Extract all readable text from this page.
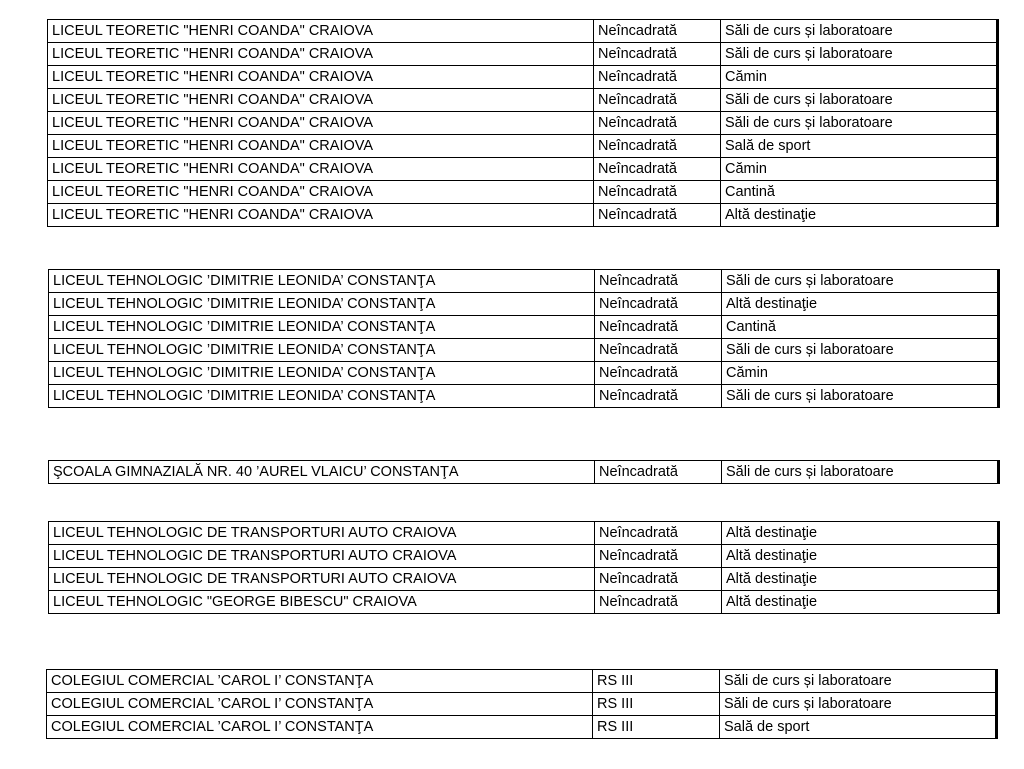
LICEUL TEORETIC "HENRI COANDA" CRAIOVA	Neîncadrată	Săli de curs și laboratoare
LICEUL TEORETIC "HENRI COANDA" CRAIOVA	Neîncadrată	Săli de curs și laboratoare
LICEUL TEORETIC "HENRI COANDA" CRAIOVA	Neîncadrată	Cămin
LICEUL TEORETIC "HENRI COANDA" CRAIOVA	Neîncadrată	Săli de curs și laboratoare
LICEUL TEORETIC "HENRI COANDA" CRAIOVA	Neîncadrată	Săli de curs și laboratoare
LICEUL TEORETIC "HENRI COANDA" CRAIOVA	Neîncadrată	Sală de sport
LICEUL TEORETIC "HENRI COANDA" CRAIOVA	Neîncadrată	Cămin
LICEUL TEORETIC "HENRI COANDA" CRAIOVA	Neîncadrată	Cantină
LICEUL TEORETIC "HENRI COANDA" CRAIOVA	Neîncadrată	Altă destinaţie
LICEUL TEHNOLOGIC ’DIMITRIE LEONIDA’ CONSTANŢA	Neîncadrată	Săli de curs și laboratoare
LICEUL TEHNOLOGIC ’DIMITRIE LEONIDA’ CONSTANŢA	Neîncadrată	Altă destinaţie
LICEUL TEHNOLOGIC ’DIMITRIE LEONIDA’ CONSTANŢA	Neîncadrată	Cantină
LICEUL TEHNOLOGIC ’DIMITRIE LEONIDA’ CONSTANŢA	Neîncadrată	Săli de curs și laboratoare
LICEUL TEHNOLOGIC ’DIMITRIE LEONIDA’ CONSTANŢA	Neîncadrată	Cămin
LICEUL TEHNOLOGIC ’DIMITRIE LEONIDA’ CONSTANŢA	Neîncadrată	Săli de curs și laboratoare
ŞCOALA GIMNAZIALĂ NR. 40 ’AUREL VLAICU’ CONSTANŢA	Neîncadrată	Săli de curs și laboratoare
LICEUL TEHNOLOGIC DE TRANSPORTURI AUTO CRAIOVA	Neîncadrată	Altă destinaţie
LICEUL TEHNOLOGIC DE TRANSPORTURI AUTO CRAIOVA	Neîncadrată	Altă destinaţie
LICEUL TEHNOLOGIC DE TRANSPORTURI AUTO CRAIOVA	Neîncadrată	Altă destinaţie
LICEUL TEHNOLOGIC "GEORGE BIBESCU" CRAIOVA	Neîncadrată	Altă destinaţie
COLEGIUL COMERCIAL ’CAROL I’ CONSTANŢA	RS III	Săli de curs și laboratoare
COLEGIUL COMERCIAL ’CAROL I’ CONSTANŢA	RS III	Săli de curs și laboratoare
COLEGIUL COMERCIAL ’CAROL I’ CONSTANŢA	RS III	Sală de sport
